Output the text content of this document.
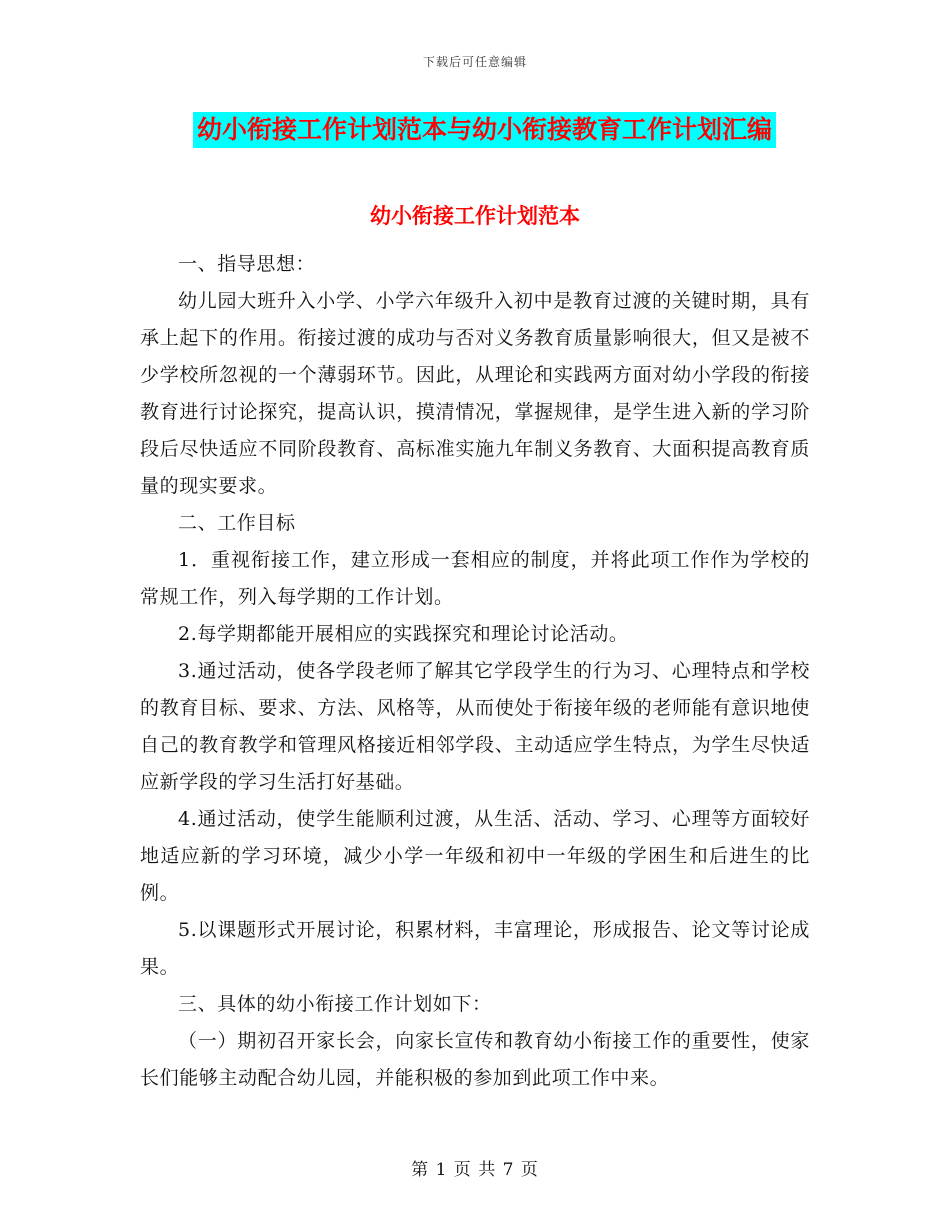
下载后可任意编辑
幼小衔接工作计划范本与幼小衔接教育工作计划汇编
幼小衔接工作计划范本

一、指导思想：

幼儿园大班升入小学、小学六年级升入初中是教育过渡的关键时期，具有承上起下的作用。衔接过渡的成功与否对义务教育质量影响很大，但又是被不少学校所忽视的一个薄弱环节。因此，从理论和实践两方面对幼小学段的衔接教育进行讨论探究，提高认识，摸清情况，掌握规律，是学生进入新的学习阶段后尽快适应不同阶段教育、高标准实施九年制义务教育、大面积提高教育质量的现实要求。

二、工作目标

1．重视衔接工作，建立形成一套相应的制度，并将此项工作作为学校的常规工作，列入每学期的工作计划。

2.每学期都能开展相应的实践探究和理论讨论活动。

3.通过活动，使各学段老师了解其它学段学生的行为习、心理特点和学校的教育目标、要求、方法、风格等，从而使处于衔接年级的老师能有意识地使自己的教育教学和管理风格接近相邻学段、主动适应学生特点，为学生尽快适应新学段的学习生活打好基础。

4.通过活动，使学生能顺利过渡，从生活、活动、学习、心理等方面较好地适应新的学习环境，减少小学一年级和初中一年级的学困生和后进生的比例。

5.以课题形式开展讨论，积累材料，丰富理论，形成报告、论文等讨论成果。

三、具体的幼小衔接工作计划如下：

（一）期初召开家长会，向家长宣传和教育幼小衔接工作的重要性，使家长们能够主动配合幼儿园，并能积极的参加到此项工作中来。

第 1 页 共 7 页
